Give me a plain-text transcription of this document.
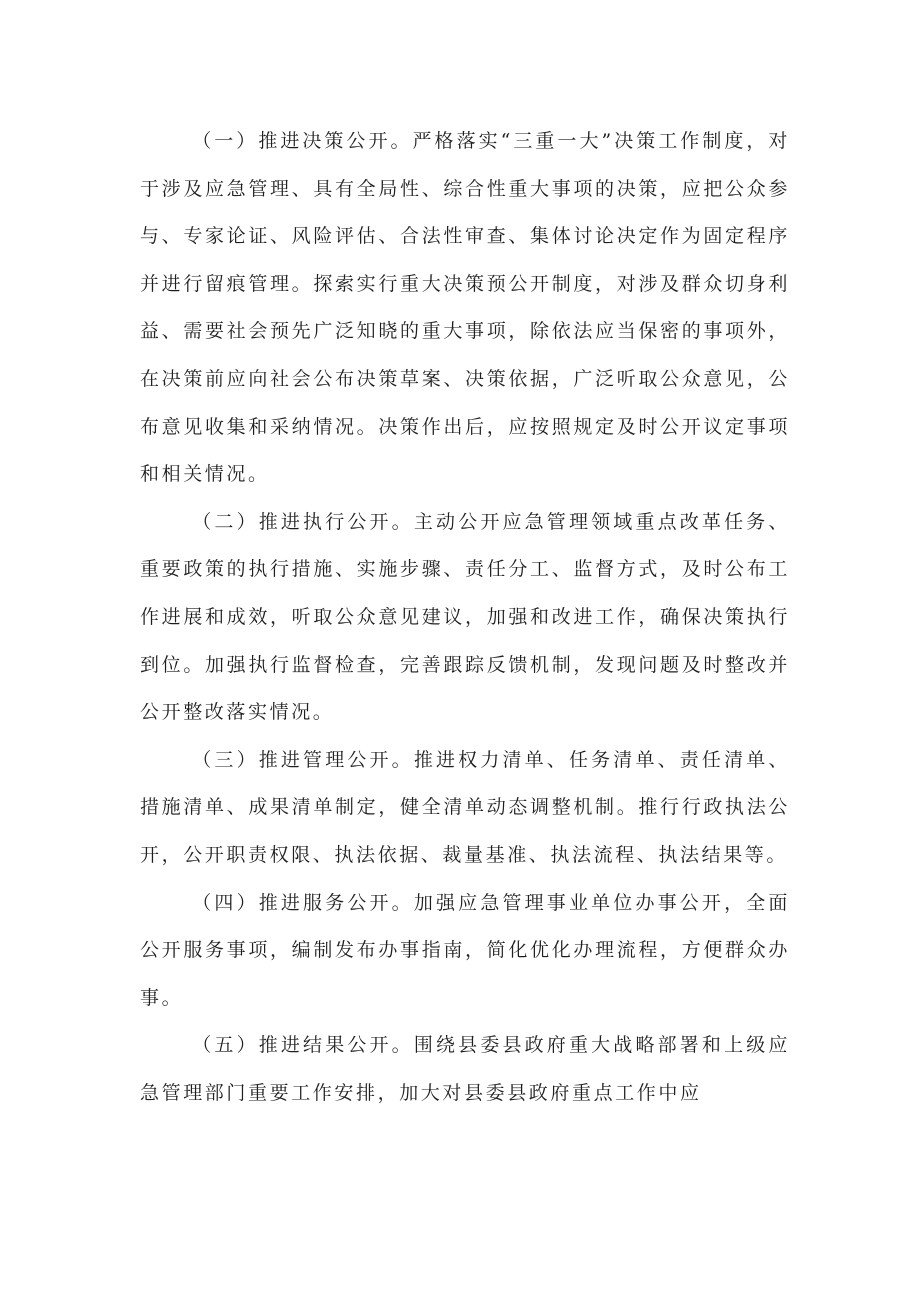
（一）推进决策公开。严格落实“三重一大”决策工作制度，对于涉及应急管理、具有全局性、综合性重大事项的决策，应把公众参与、专家论证、风险评估、合法性审查、集体讨论决定作为固定程序并进行留痕管理。探索实行重大决策预公开制度，对涉及群众切身利益、需要社会预先广泛知晓的重大事项，除依法应当保密的事项外，在决策前应向社会公布决策草案、决策依据，广泛听取公众意见，公布意见收集和采纳情况。决策作出后，应按照规定及时公开议定事项和相关情况。

（二）推进执行公开。主动公开应急管理领域重点改革任务、重要政策的执行措施、实施步骤、责任分工、监督方式，及时公布工作进展和成效，听取公众意见建议，加强和改进工作，确保决策执行到位。加强执行监督检查，完善跟踪反馈机制，发现问题及时整改并公开整改落实情况。

（三）推进管理公开。推进权力清单、任务清单、责任清单、措施清单、成果清单制定，健全清单动态调整机制。推行行政执法公开，公开职责权限、执法依据、裁量基准、执法流程、执法结果等。

（四）推进服务公开。加强应急管理事业单位办事公开，全面公开服务事项，编制发布办事指南，简化优化办理流程，方便群众办事。

（五）推进结果公开。围绕县委县政府重大战略部署和上级应急管理部门重要工作安排，加大对县委县政府重点工作中应
